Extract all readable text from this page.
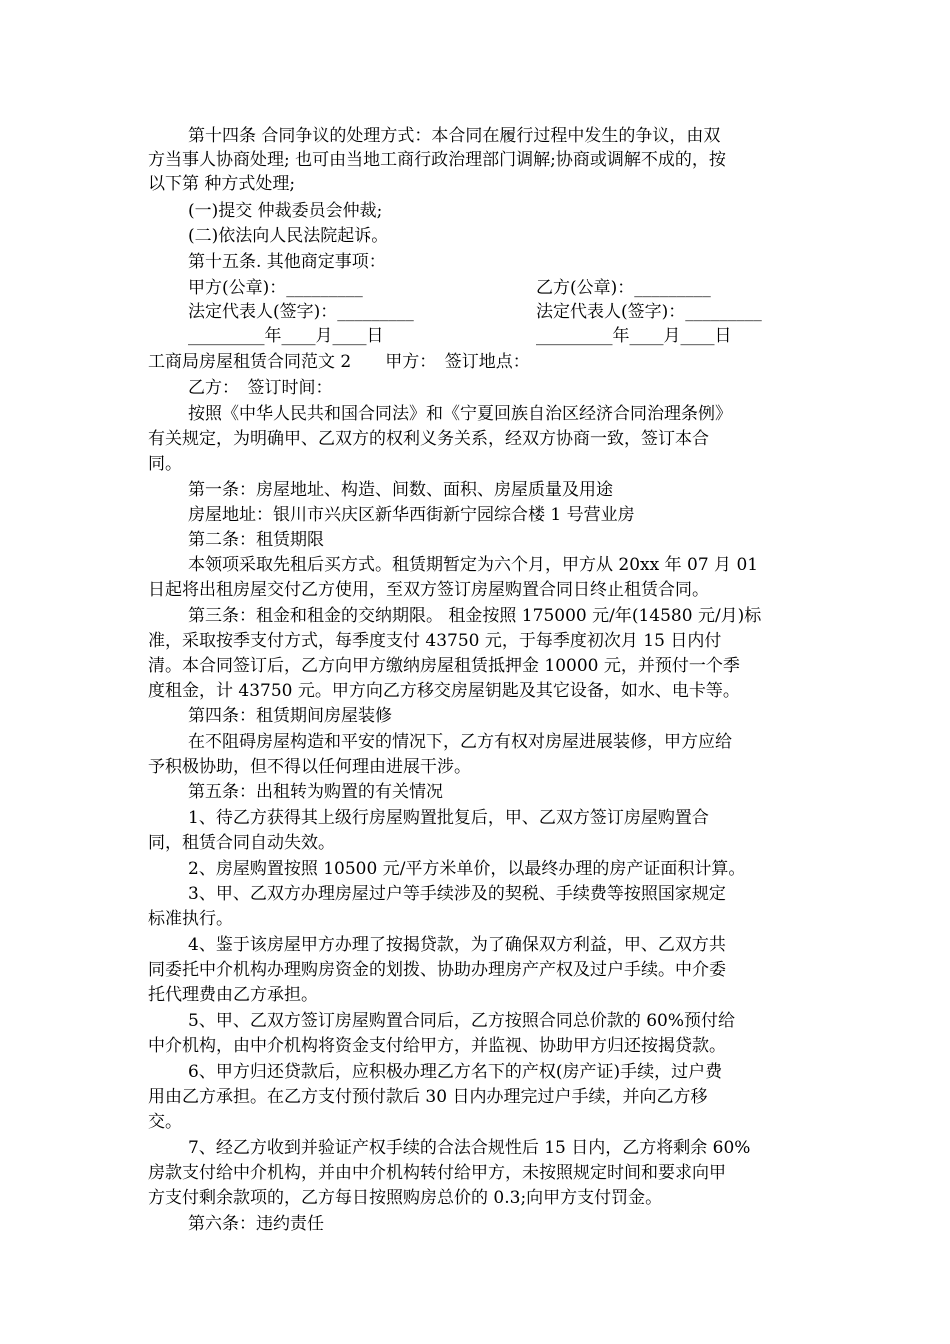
第十四条 合同争议的处理方式：本合同在履行过程中发生的争议，由双
方当事人协商处理; 也可由当地工商行政治理部门调解;协商或调解不成的，按
以下第 种方式处理;
(一)提交 仲裁委员会仲裁;
(二)依法向人民法院起诉。
第十五条. 其他商定事项：
甲方(公章)：_________	乙方(公章)：_________
法定代表人(签字)：_________	法定代表人(签字)：_________
_________年____月____日	_________年____月____日
工商局房屋租赁合同范文 2　　甲方：　签订地点：
乙方：　签订时间：
按照《中华人民共和国合同法》和《宁夏回族自治区经济合同治理条例》
有关规定，为明确甲、乙双方的权利义务关系，经双方协商一致，签订本合
同。
第一条：房屋地址、构造、间数、面积、房屋质量及用途
房屋地址：银川市兴庆区新华西街新宁园综合楼 1 号营业房
第二条：租赁期限
本领项采取先租后买方式。租赁期暂定为六个月，甲方从 20xx 年 07 月 01
日起将出租房屋交付乙方使用，至双方签订房屋购置合同日终止租赁合同。
第三条：租金和租金的交纳期限。 租金按照 175000 元/年(14580 元/月)标
准，采取按季支付方式，每季度支付 43750 元，于每季度初次月 15 日内付
清。本合同签订后，乙方向甲方缴纳房屋租赁抵押金 10000 元，并预付一个季
度租金，计 43750 元。甲方向乙方移交房屋钥匙及其它设备，如水、电卡等。
第四条：租赁期间房屋装修
在不阻碍房屋构造和平安的情况下，乙方有权对房屋进展装修，甲方应给
予积极协助，但不得以任何理由进展干涉。
第五条：出租转为购置的有关情况
1、待乙方获得其上级行房屋购置批复后，甲、乙双方签订房屋购置合
同，租赁合同自动失效。
2、房屋购置按照 10500 元/平方米单价，以最终办理的房产证面积计算。
3、甲、乙双方办理房屋过户等手续涉及的契税、手续费等按照国家规定
标准执行。
4、鉴于该房屋甲方办理了按揭贷款，为了确保双方利益，甲、乙双方共
同委托中介机构办理购房资金的划拨、协助办理房产产权及过户手续。中介委
托代理费由乙方承担。
5、甲、乙双方签订房屋购置合同后，乙方按照合同总价款的 60%预付给
中介机构，由中介机构将资金支付给甲方，并监视、协助甲方归还按揭贷款。
6、甲方归还贷款后，应积极办理乙方名下的产权(房产证)手续，过户费
用由乙方承担。在乙方支付预付款后 30 日内办理完过户手续，并向乙方移
交。
7、经乙方收到并验证产权手续的合法合规性后 15 日内，乙方将剩余 60%
房款支付给中介机构，并由中介机构转付给甲方，未按照规定时间和要求向甲
方支付剩余款项的，乙方每日按照购房总价的 0.3;向甲方支付罚金。
第六条：违约责任
